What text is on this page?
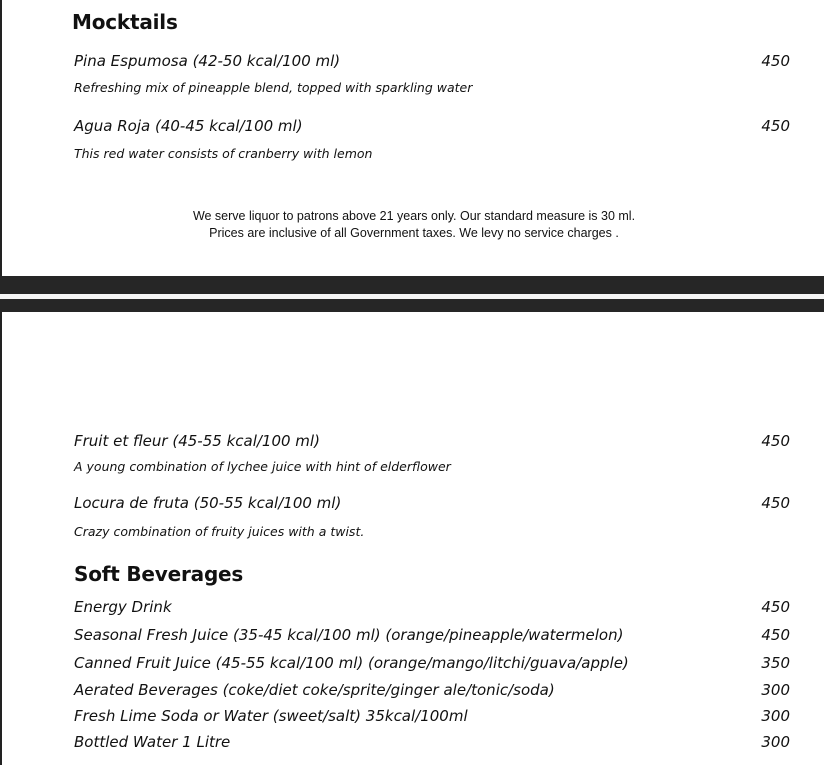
Mocktails
Pina Espumosa (42-50 kcal/100 ml)	450
Refreshing mix of pineapple blend, topped with sparkling water
Agua Roja (40-45 kcal/100 ml)	450
This red water consists of cranberry with lemon
We serve liquor to patrons above 21 years only. Our standard measure is 30 ml.
Prices are inclusive of all Government taxes. We levy no service charges .
Fruit et fleur (45-55 kcal/100 ml)	450
A young combination of lychee juice with hint of elderflower
Locura de fruta (50-55 kcal/100 ml)	450
Crazy combination of fruity juices with a twist.
Soft Beverages
Energy Drink	450
Seasonal Fresh Juice (35-45 kcal/100 ml) (orange/pineapple/watermelon)	450
Canned Fruit Juice (45-55 kcal/100 ml) (orange/mango/litchi/guava/apple)	350
Aerated Beverages (coke/diet coke/sprite/ginger ale/tonic/soda)	300
Fresh Lime Soda or Water (sweet/salt) 35kcal/100ml	300
Bottled Water 1 Litre	300
